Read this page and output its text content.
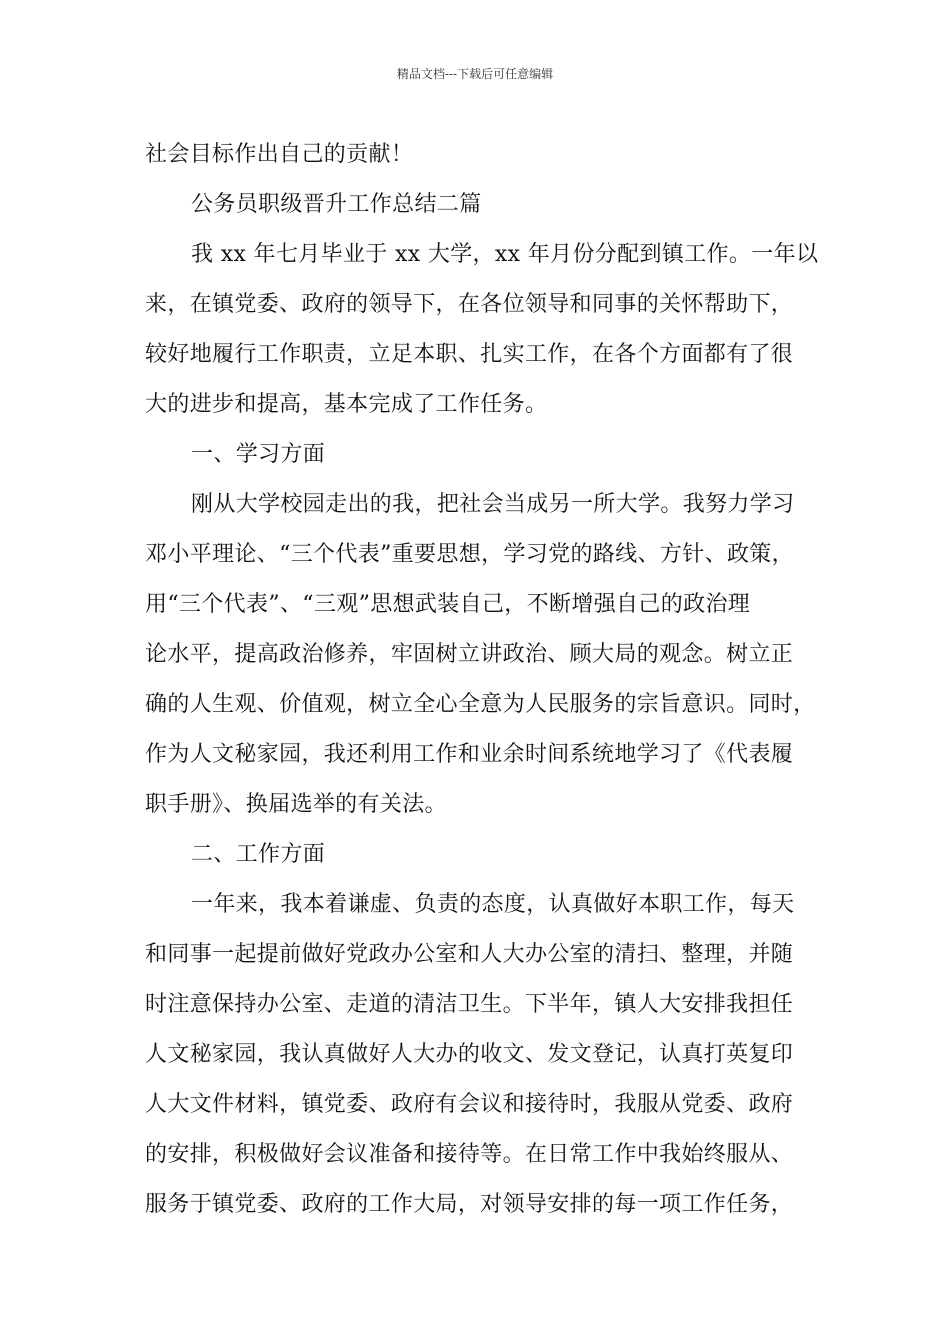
精品文档---下载后可任意编辑
社会目标作出自己的贡献！
公务员职级晋升工作总结二篇
我 xx 年七月毕业于 xx 大学，xx 年月份分配到镇工作。一年以
来，在镇党委、政府的领导下，在各位领导和同事的关怀帮助下，
较好地履行工作职责，立足本职、扎实工作，在各个方面都有了很
大的进步和提高，基本完成了工作任务。
一、学习方面
刚从大学校园走出的我，把社会当成另一所大学。我努力学习
邓小平理论、“三个代表”重要思想，学习党的路线、方针、政策，
用“三个代表”、“三观”思想武装自己，不断增强自己的政治理
论水平，提高政治修养，牢固树立讲政治、顾大局的观念。树立正
确的人生观、价值观，树立全心全意为人民服务的宗旨意识。同时，
作为人文秘家园，我还利用工作和业余时间系统地学习了《代表履
职手册》、换届选举的有关法。
二、工作方面
一年来，我本着谦虚、负责的态度，认真做好本职工作，每天
和同事一起提前做好党政办公室和人大办公室的清扫、整理，并随
时注意保持办公室、走道的清洁卫生。下半年，镇人大安排我担任
人文秘家园，我认真做好人大办的收文、发文登记，认真打英复印
人大文件材料，镇党委、政府有会议和接待时，我服从党委、政府
的安排，积极做好会议准备和接待等。在日常工作中我始终服从、
服务于镇党委、政府的工作大局，对领导安排的每一项工作任务，
